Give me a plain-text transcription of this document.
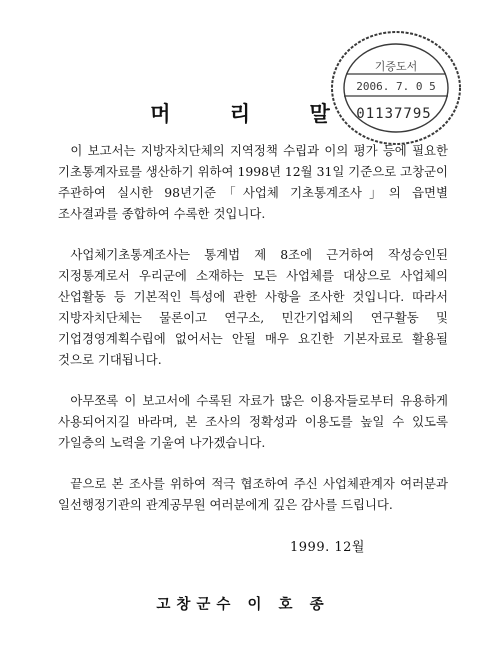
기증도서
2006. 7. 0 5
01137795
머 리 말

이 보고서는 지방자치단체의 지역정책 수립과 이의 평가 등에 필요한 기초통계자료를 생산하기 위하여 1998년 12월 31일 기준으로 고창군이 주관하여 실시한 98년기준「사업체 기초통계조사」의 읍면별 조사결과를 종합하여 수록한 것입니다.

사업체기초통계조사는 통계법 제 8조에 근거하여 작성승인된 지정통계로서 우리군에 소재하는 모든 사업체를 대상으로 사업체의 산업활동 등 기본적인 특성에 관한 사항을 조사한 것입니다. 따라서 지방자치단체는 물론이고 연구소, 민간기업체의 연구활동 및 기업경영계획수립에 없어서는 안될 매우 요긴한 기본자료로 활용될 것으로 기대됩니다.

아무쪼록 이 보고서에 수록된 자료가 많은 이용자들로부터 유용하게 사용되어지길 바라며, 본 조사의 정확성과 이용도를 높일 수 있도록 가일층의 노력을 기울여 나가겠습니다.

끝으로 본 조사를 위하여 적극 협조하여 주신 사업체관계자 여러분과 일선행정기관의 관계공무원 여러분에게 깊은 감사를 드립니다.

1999. 12월
고창군수 이 호 종
